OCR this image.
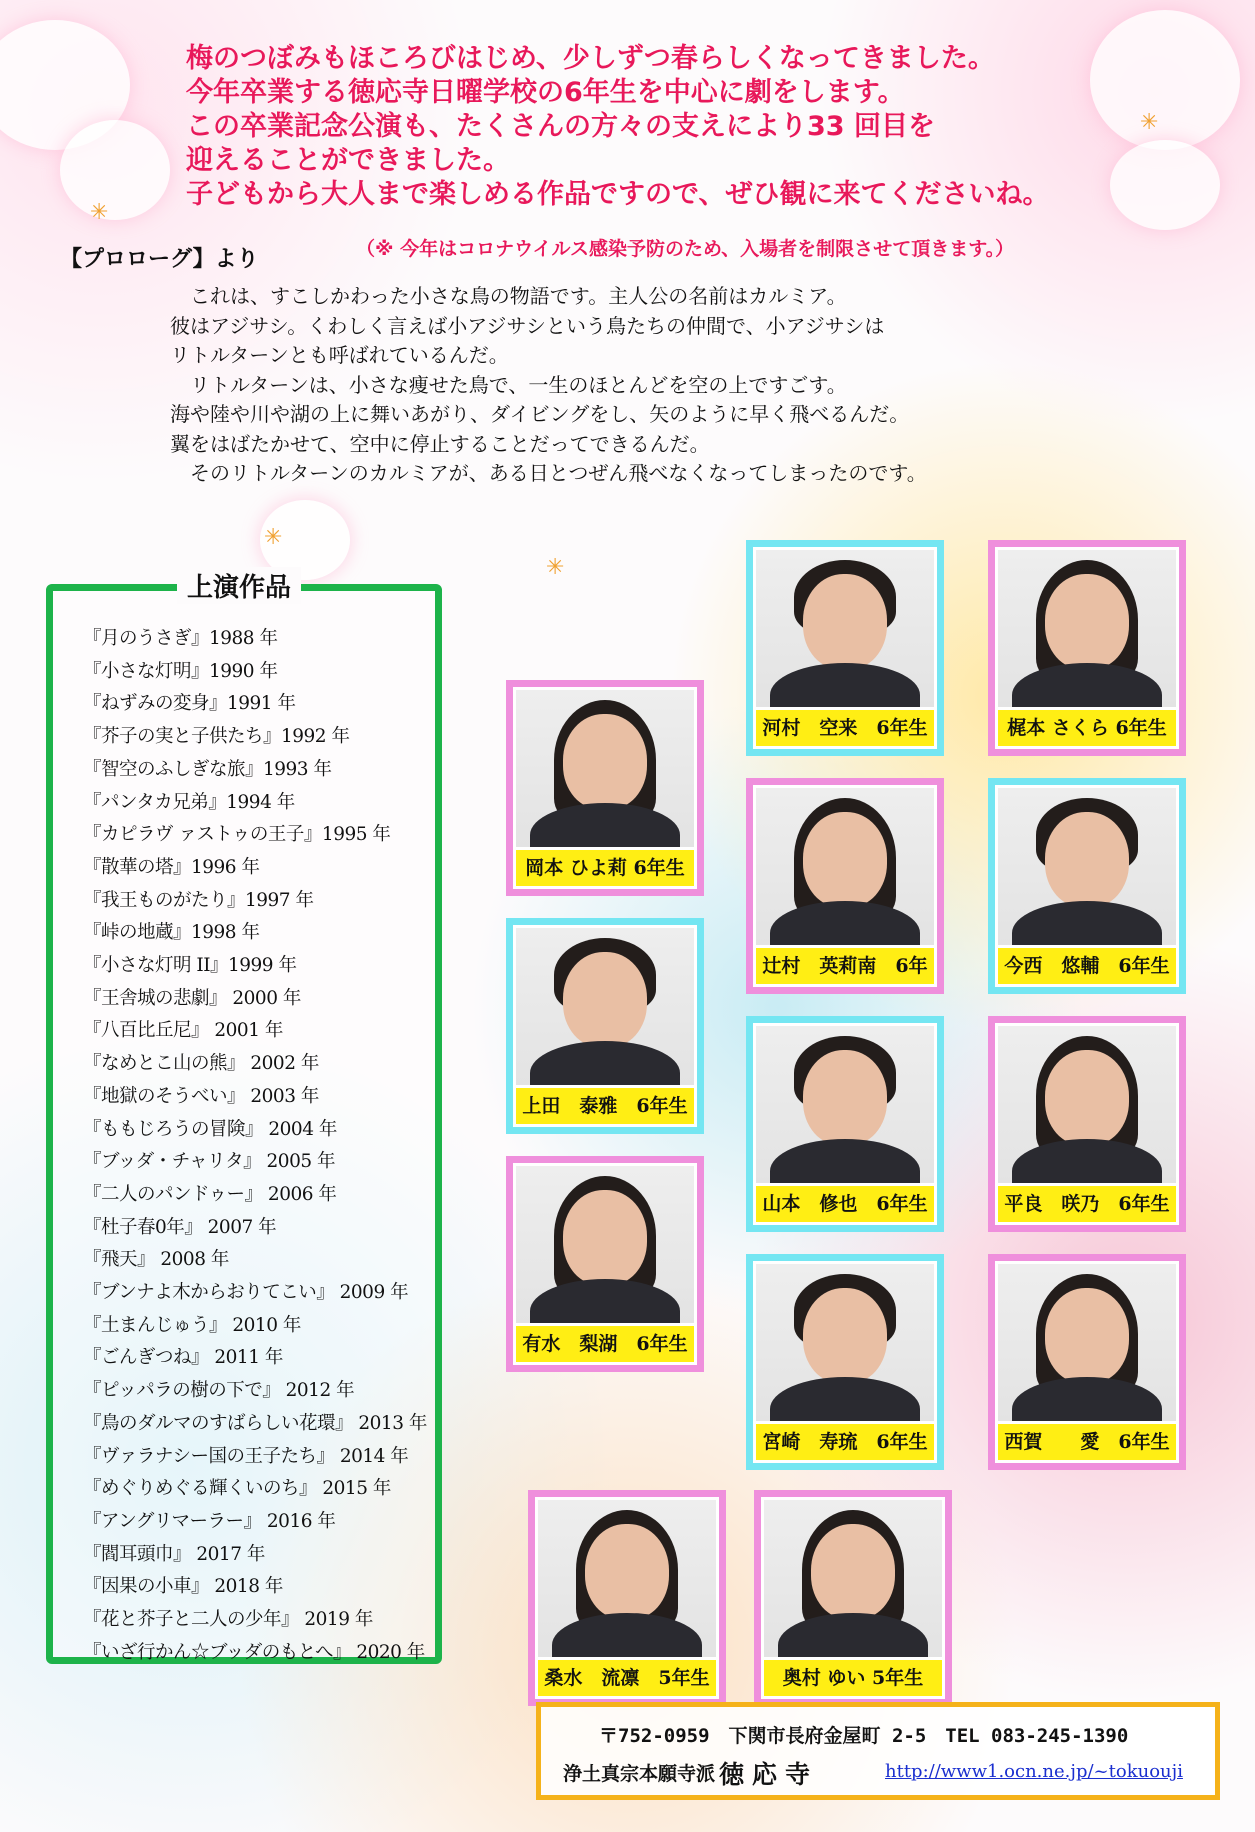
✳
✳
✳
✳
梅のつぼみもほころびはじめ、少しずつ春らしくなってきました。
今年卒業する徳応寺日曜学校の6年生を中心に劇をします。
この卒業記念公演も、たくさんの方々の支えにより33 回目を
迎えることができました。
子どもから大人まで楽しめる作品ですので、ぜひ観に来てくださいね。
（※ 今年はコロナウイルス感染予防のため、入場者を制限させて頂きます。）
【プロローグ】より
　これは、すこしかわった小さな鳥の物語です。主人公の名前はカルミア。
彼はアジサシ。くわしく言えば小アジサシという鳥たちの仲間で、小アジサシは
リトルターンとも呼ばれているんだ。
　リトルターンは、小さな痩せた鳥で、一生のほとんどを空の上ですごす。
海や陸や川や湖の上に舞いあがり、ダイビングをし、矢のように早く飛べるんだ。
翼をはばたかせて、空中に停止することだってできるんだ。
　そのリトルターンのカルミアが、ある日とつぜん飛べなくなってしまったのです。
上演作品
『月のうさぎ』1988 年
『小さな灯明』1990 年
『ねずみの変身』1991 年
『芥子の実と子供たち』1992 年
『智空のふしぎな旅』1993 年
『パンタカ兄弟』1994 年
『カピラヴ ァストゥの王子』1995 年
『散華の塔』1996 年
『我王ものがたり』1997 年
『峠の地蔵』1998 年
『小さな灯明 II』1999 年
『王舎城の悲劇』 2000 年
『八百比丘尼』 2001 年
『なめとこ山の熊』 2002 年
『地獄のそうべい』 2003 年
『ももじろうの冒険』 2004 年
『ブッダ・チャリタ』 2005 年
『二人のパンドゥー』 2006 年
『杜子春0年』 2007 年
『飛天』 2008 年
『ブンナよ木からおりてこい』 2009 年
『土まんじゅう』 2010 年
『ごんぎつね』 2011 年
『ピッパラの樹の下で』 2012 年
『鳥のダルマのすばらしい花環』 2013 年
『ヴァラナシー国の王子たち』 2014 年
『めぐりめぐる輝くいのち』 2015 年
『アングリマーラー』 2016 年
『閻耳頭巾』 2017 年
『因果の小車』 2018 年
『花と芥子と二人の少年』 2019 年
『いざ行かん☆ブッダのもとへ』 2020 年
河村　空来　6年生	梶本 さくら 6年生
岡本 ひよ莉 6年生
辻村　英莉南　6年	今西　悠輔　6年生
上田　泰雅　6年生
山本　修也　6年生	平良　咲乃　6年生
有水　梨湖　6年生
宮崎　寿琉　6年生	西賀　　愛　6年生
桑水　流凛　5年生	奥村 ゆい 5年生
〒752-0959　下関市長府金屋町 2-5　TEL 083-245-1390
浄土真宗本願寺派 徳応寺	http://www1.ocn.ne.jp/~tokuouji
